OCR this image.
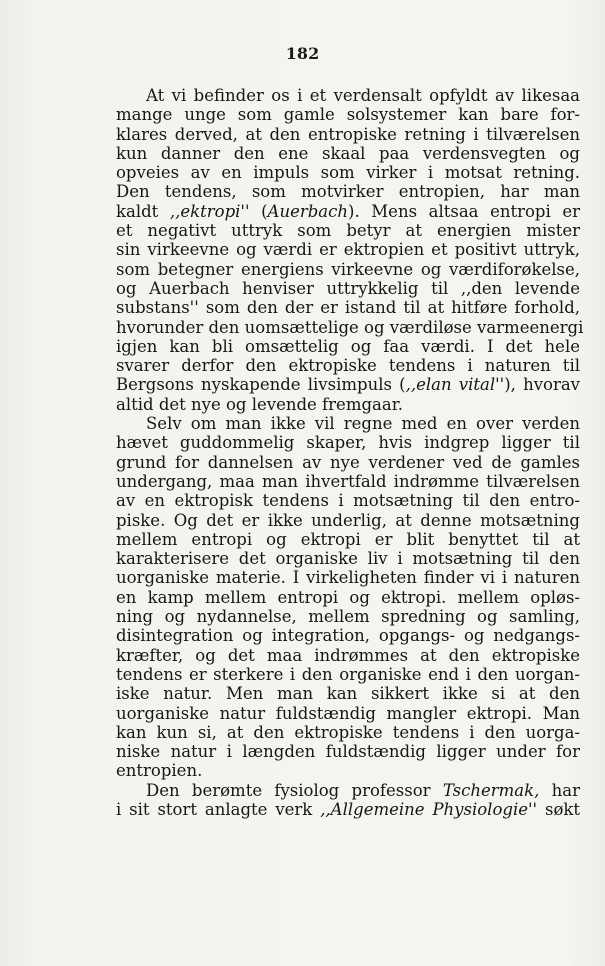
182
At vi befinder os i et verdensalt opfyldt av likesaa
mange unge som gamle solsystemer kan bare for-
klares derved, at den entropiske retning i tilværelsen
kun danner den ene skaal paa verdensvegten og
opveies av en impuls som virker i motsat retning.
Den tendens, som motvirker entropien, har man
kaldt ,,ektropi'' (Auerbach). Mens altsaa entropi er
et negativt uttryk som betyr at energien mister
sin virkeevne og værdi er ektropien et positivt uttryk,
som betegner energiens virkeevne og værdiforøkelse,
og Auerbach henviser uttrykkelig til ,,den levende
substans'' som den der er istand til at hitføre forhold,
hvorunder den uomsættelige og værdiløse varmeenergi
igjen kan bli omsættelig og faa værdi. I det hele
svarer derfor den ektropiske tendens i naturen til
Bergsons nyskapende livsimpuls (,,elan vital''), hvorav
altid det nye og levende fremgaar.
Selv om man ikke vil regne med en over verden
hævet guddommelig skaper, hvis indgrep ligger til
grund for dannelsen av nye verdener ved de gamles
undergang, maa man ihvertfald indrømme tilværelsen
av en ektropisk tendens i motsætning til den entro-
piske. Og det er ikke underlig, at denne motsætning
mellem entropi og ektropi er blit benyttet til at
karakterisere det organiske liv i motsætning til den
uorganiske materie. I virkeligheten finder vi i naturen
en kamp mellem entropi og ektropi. mellem opløs-
ning og nydannelse, mellem spredning og samling,
disintegration og integration, opgangs- og nedgangs-
kræfter, og det maa indrømmes at den ektropiske
tendens er sterkere i den organiske end i den uorgan-
iske natur. Men man kan sikkert ikke si at den
uorganiske natur fuldstændig mangler ektropi. Man
kan kun si, at den ektropiske tendens i den uorga-
niske natur i længden fuldstændig ligger under for
entropien.
Den berømte fysiolog professor Tschermak, har
i sit stort anlagte verk ,,Allgemeine Physiologie'' søkt
